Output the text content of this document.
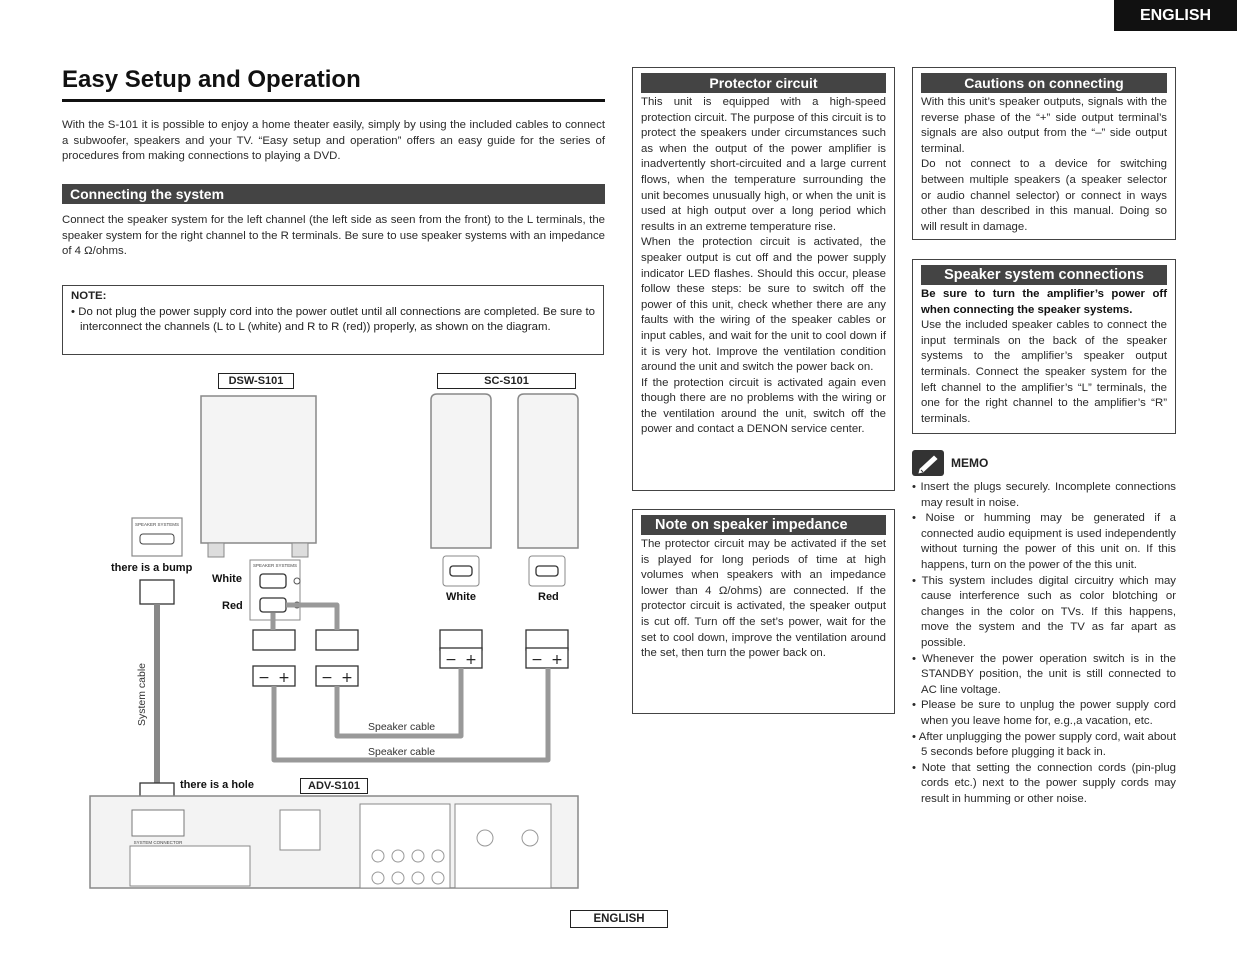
ENGLISH
Easy Setup and Operation
With the S-101 it is possible to enjoy a home theater easily, simply by using the included cables to connect a subwoofer, speakers and your TV. “Easy setup and operation” offers an easy guide for the series of procedures from making connections to playing a DVD.
Connecting the system
Connect the speaker system for the left channel (the left side as seen from the front) to the L terminals, the speaker system for the right channel to the R terminals. Be sure to use speaker systems with an impedance of 4 Ω/ohms.
NOTE:
• Do not plug the power supply cord into the power outlet until all connections are completed. Be sure to interconnect the channels (L to L (white) and R to R (red)) properly, as shown on the diagram.
SPEAKER SYSTEMS
SPEAKER SYSTEMS
− + − +
− +	− +
SYSTEM CONNECTOR
DSW-S101	SC-S101
ADV-S101
there is a bump
there is a hole
White
Red
White	Red
Speaker cable
Speaker cable
System cable
Protector circuit

This unit is equipped with a high-speed protection circuit. The purpose of this circuit is to protect the speakers under circumstances such as when the output of the power amplifier is inadvertently short-circuited and a large current flows, when the temperature surrounding the unit becomes unusually high, or when the unit is used at high output over a long period which results in an extreme temperature rise.

When the protection circuit is activated, the speaker output is cut off and the power supply indicator LED flashes. Should this occur, please follow these steps: be sure to switch off the power of this unit, check whether there are any faults with the wiring of the speaker cables or input cables, and wait for the unit to cool down if it is very hot. Improve the ventilation condition around the unit and switch the power back on.

If the protection circuit is activated again even though there are no problems with the wiring or the ventilation around the unit, switch off the power and contact a DENON service center.

Note on speaker impedance
The protector circuit may be activated if the set is played for long periods of time at high volumes when speakers with an impedance lower than 4 Ω/ohms) are connected. If the protector circuit is activated, the speaker output is cut off. Turn off the set’s power, wait for the set to cool down, improve the ventilation around the set, then turn the power back on.
Cautions on connecting

With this unit’s speaker outputs, signals with the reverse phase of the “+” side output terminal’s signals are also output from the “–” side output terminal.

Do not connect to a device for switching between multiple speakers (a speaker selector or audio channel selector) or connect in ways other than described in this manual. Doing so will result in damage.

Speaker system connections

Be sure to turn the amplifier’s power off when connecting the speaker systems.

Use the included speaker cables to connect the input terminals on the back of the speaker systems to the amplifier’s speaker output terminals. Connect the speaker system for the left channel to the amplifier’s “L” terminals, the one for the right channel to the amplifier’s “R” terminals.

MEMO
• Insert the plugs securely. Incomplete connections may result in noise.
• Noise or humming may be generated if a connected audio equipment is used independently without turning the power of this unit on. If this happens, turn on the power of the this unit.
• This system includes digital circuitry which may cause interference such as color blotching or changes in the color on TVs. If this happens, move the system and the TV as far apart as possible.
• Whenever the power operation switch is in the STANDBY position, the unit is still connected to AC line voltage.
• Please be sure to unplug the power supply cord when you leave home for, e.g.,a vacation, etc.
• After unplugging the power supply cord, wait about 5 seconds before plugging it back in.
• Note that setting the connection cords (pin-plug cords etc.) next to the power supply cords may result in humming or other noise.
ENGLISH
